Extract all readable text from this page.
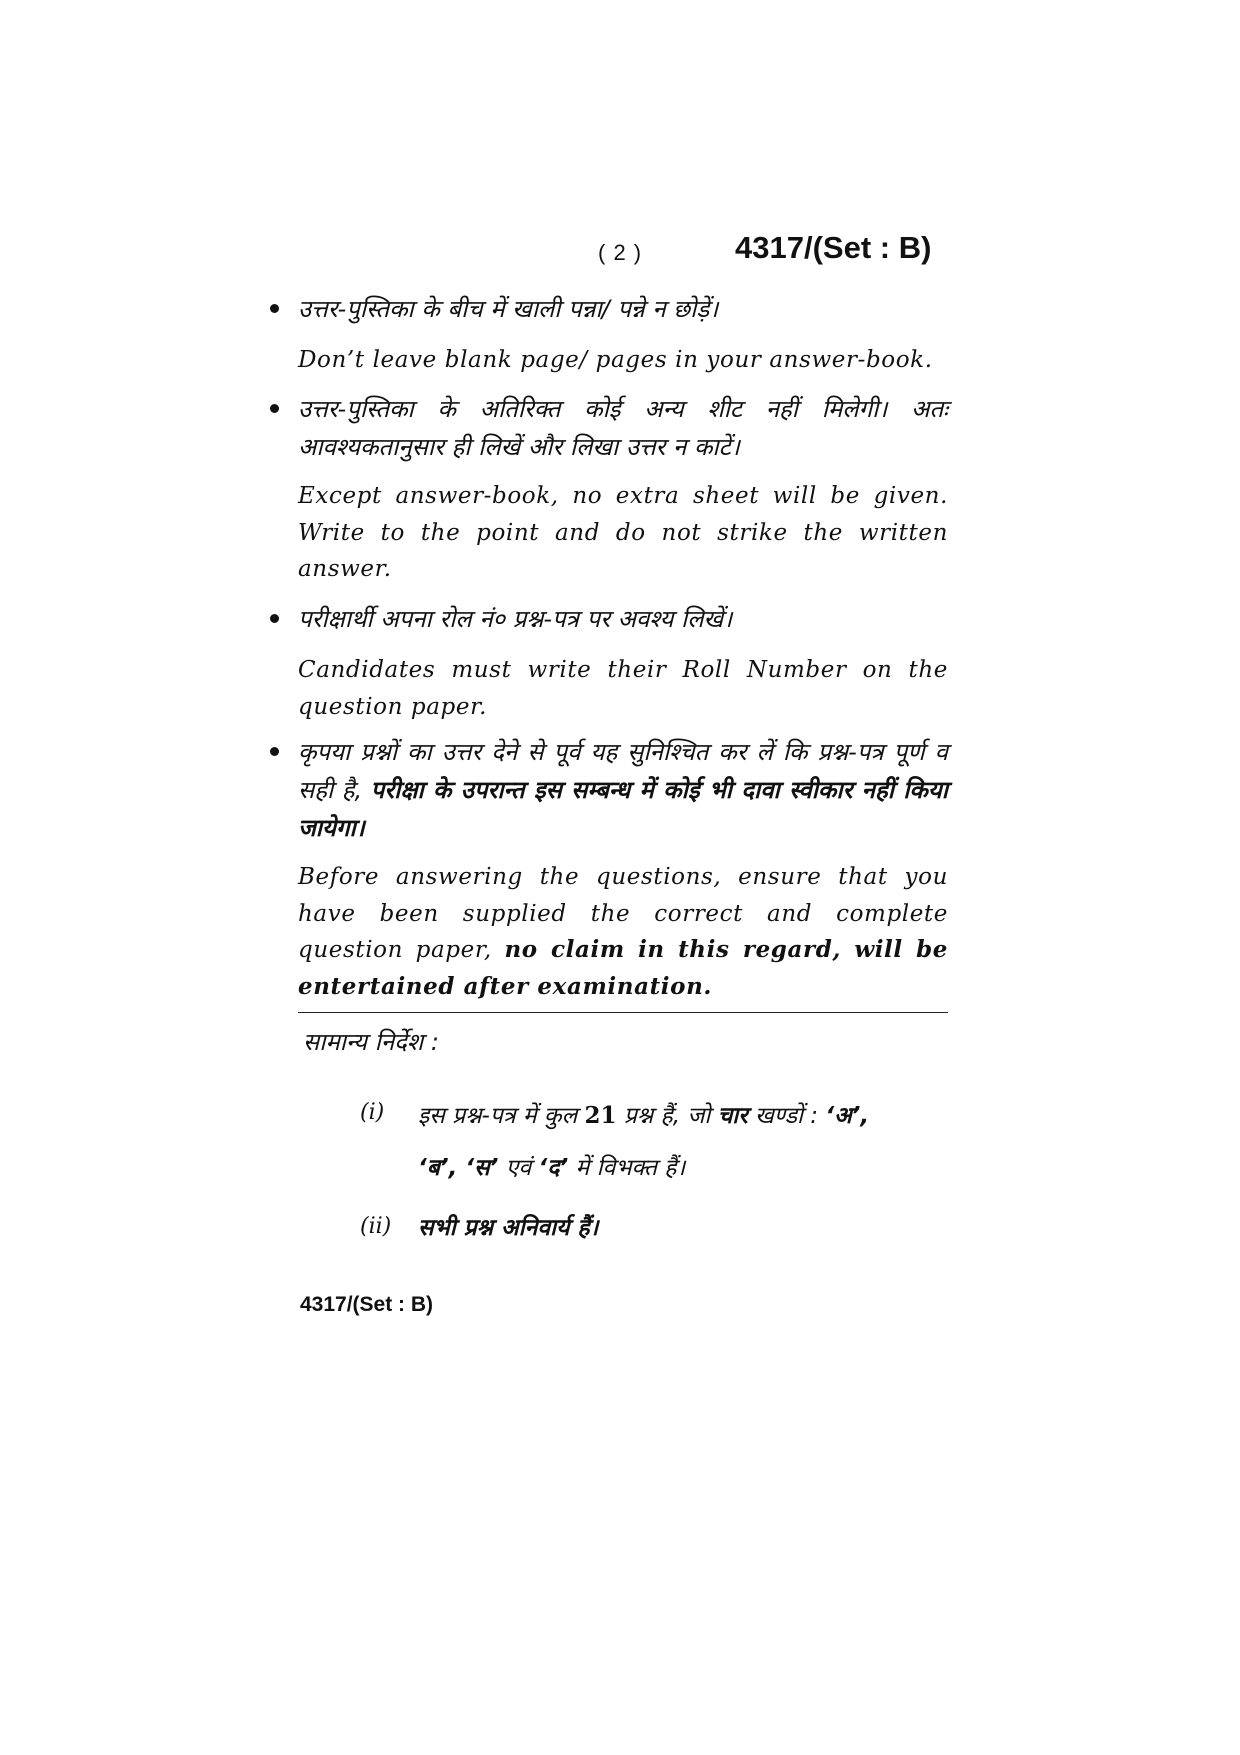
( 2 )	4317/(Set : B)
उत्तर-पुस्तिका के बीच में खाली पन्ना/ पन्ने न छोड़ें।
Don’t leave blank page/ pages in your answer-book.
उत्तर-पुस्तिका के अतिरिक्त कोई अन्य शीट नहीं मिलेगी। अतः आवश्यकतानुसार ही लिखें और लिखा उत्तर न काटें।
Except answer-book, no extra sheet will be given. Write to the point and do not strike the written answer.
परीक्षार्थी अपना रोल नं० प्रश्न-पत्र पर अवश्य लिखें।
Candidates must write their Roll Number on the question paper.
कृपया प्रश्नों का उत्तर देने से पूर्व यह सुनिश्चित कर लें कि प्रश्न-पत्र पूर्ण व सही है, परीक्षा के उपरान्त इस सम्बन्ध में कोई भी दावा स्वीकार नहीं किया जायेगा।
Before answering the questions, ensure that you have been supplied the correct and complete question paper, no claim in this regard, will be entertained after examination.
सामान्य निर्देश :
(i) इस प्रश्न-पत्र में कुल 21 प्रश्न हैं, जो चार खण्डों : ‘अ’,
‘ब’, ‘स’ एवं ‘द’ में विभक्त हैं।
(ii) सभी प्रश्न अनिवार्य हैं।
4317/(Set : B)
